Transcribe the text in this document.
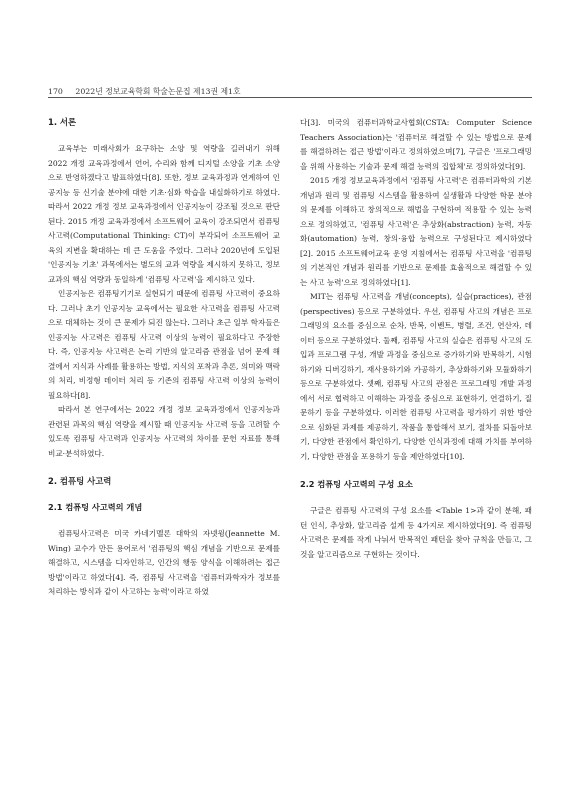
170 2022년 정보교육학회 학술논문집 제13권 제1호
1. 서론

교육부는 미래사회가 요구하는 소양 및 역량을 길러내기 위해 2022 개정 교육과정에서 언어, 수리와 함께 디지털 소양을 기초 소양으로 반영하겠다고 발표하였다[8]. 또한, 정보 교육과정과 연계하여 인공지능 등 신기술 분야에 대한 기초·심화 학습을 내실화하기로 하였다. 따라서 2022 개정 정보 교육과정에서 인공지능이 강조될 것으로 판단된다. 2015 개정 교육과정에서 소프트웨어 교육이 강조되면서 컴퓨팅 사고력(Computational Thinking: CT)이 부각되어 소프트웨어 교육의 지변을 확대하는 데 큰 도움을 주었다. 그러나 2020년에 도입된 '인공지능 기초' 과목에서는 별도의 교과 역량을 제시하지 못하고, 정보 교과의 핵심 역량과 동일하게 '컴퓨팅 사고력'을 제시하고 있다.

인공지능은 컴퓨팅기기로 실현되기 때문에 컴퓨팅 사고력이 중요하다. 그러나 초기 인공지능 교육에서는 필요한 사고력을 컴퓨팅 사고력으로 대체하는 것이 큰 문제가 되진 않는다. 그러나 초근 일부 학자들은 인공지능 사고력은 컴퓨팅 사고력 이상의 능력이 필요하다고 주장한다. 즉, 인공지능 사고력은 논리 기반의 알고리즘 관점을 넘어 문제 해결에서 지식과 사례를 활용하는 방법, 지식의 포착과 추론, 의미와 맥락의 처리, 비정형 데이터 처리 등 기존의 컴퓨팅 사고력 이상의 능력이 필요하다[8].

따라서 본 연구에서는 2022 개정 정보 교육과정에서 인공지능과 관련된 과목의 핵심 역량을 제시할 때 인공지능 사고력 등을 고려할 수 있도록 컴퓨팅 사고력과 인공지능 사고력의 차이를 문헌 자료를 통해 비교·분석하였다.

2. 컴퓨팅 사고력
2.1 컴퓨팅 사고력의 개념

컴퓨팅사고력은 미국 카네기멜론 대학의 자넷윙(Jeannette M. Wing) 교수가 만든 용어로서 '컴퓨팅의 핵심 개념을 기반으로 문제를 해결하고, 시스템을 디자인하고, 인간의 행동 양식을 이해하려는 접근 방법'이라고 하였다[4]. 즉, 컴퓨팅 사고력을 '컴퓨터과학자가 정보를 처리하는 방식과 같이 사고하는 능력'이라고 하였

다[3]. 미국의 컴퓨터과학교사협회(CSTA: Computer Science Teachers Association)는 '컴퓨터로 해결할 수 있는 방법으로 문제를 해결하려는 접근 방법'이라고 정의하였으며[7], 구글은 '프로그래밍을 위해 사용하는 기술과 문제 해결 능력의 집합체'로 정의하였다[9].

2015 개정 정보교육과정에서 '컴퓨팅 사고력'은 컴퓨터과학의 기본 개념과 원리 및 컴퓨팅 시스템을 활용하여 실생활과 다양한 학문 분야의 문제를 이해하고 창의적으로 해법을 구현하여 적용할 수 있는 능력으로 정의하였고, '컴퓨팅 사고력'은 추상화(abstraction) 능력, 자동화(automation) 능력, 창의·융합 능력으로 구성된다고 제시하였다[2]. 2015 소프트웨어교육 운영 지침에서는 컴퓨팅 사고력을 '컴퓨팅의 기본적인 개념과 원리를 기반으로 문제를 효율적으로 해결할 수 있는 사고 능력'으로 정의하였다[1].

MIT는 컴퓨팅 사고력을 개념(concepts), 실습(practices), 관점(perspectives) 등으로 구분하였다. 우선, 컴퓨팅 사고의 개념은 프로그래밍의 요소를 중심으로 순차, 반복, 이벤트, 병렬, 조건, 연산자, 데이터 등으로 구분하였다. 둘째, 컴퓨팅 사고의 실습은 컴퓨팅 사고의 도입과 프로그램 구성, 개발 과정을 중심으로 증가하기와 반복하기, 시험하기와 디버깅하기, 재사용하기와 가공하기, 추상화하기와 모듈화하기 등으로 구분하였다. 셋째, 컴퓨팅 사고의 관점은 프로그래밍 개발 과정에서 서로 협력하고 이해하는 과정을 중심으로 표현하기, 연결하기, 질문하기 등을 구분하였다. 이러한 컴퓨팅 사고력을 평가하기 위한 방안으로 심화된 과제를 제공하기, 작품을 통합해서 보기, 절차를 되돌아보기, 다양한 관점에서 확인하기, 다양한 인식과정에 대해 가치를 부여하기, 다양한 관점을 포용하기 등을 제안하였다[10].

2.2 컴퓨팅 사고력의 구성 요소

구글은 컴퓨팅 사고력의 구성 요소를 <Table 1>과 같이 분해, 패턴 인식, 추상화, 알고리즘 설계 등 4가지로 제시하였다[9]. 즉 컴퓨팅 사고력은 문제를 작게 나눠서 반복적인 패턴을 찾아 규칙을 만들고, 그것을 알고리즘으로 구현하는 것이다.
